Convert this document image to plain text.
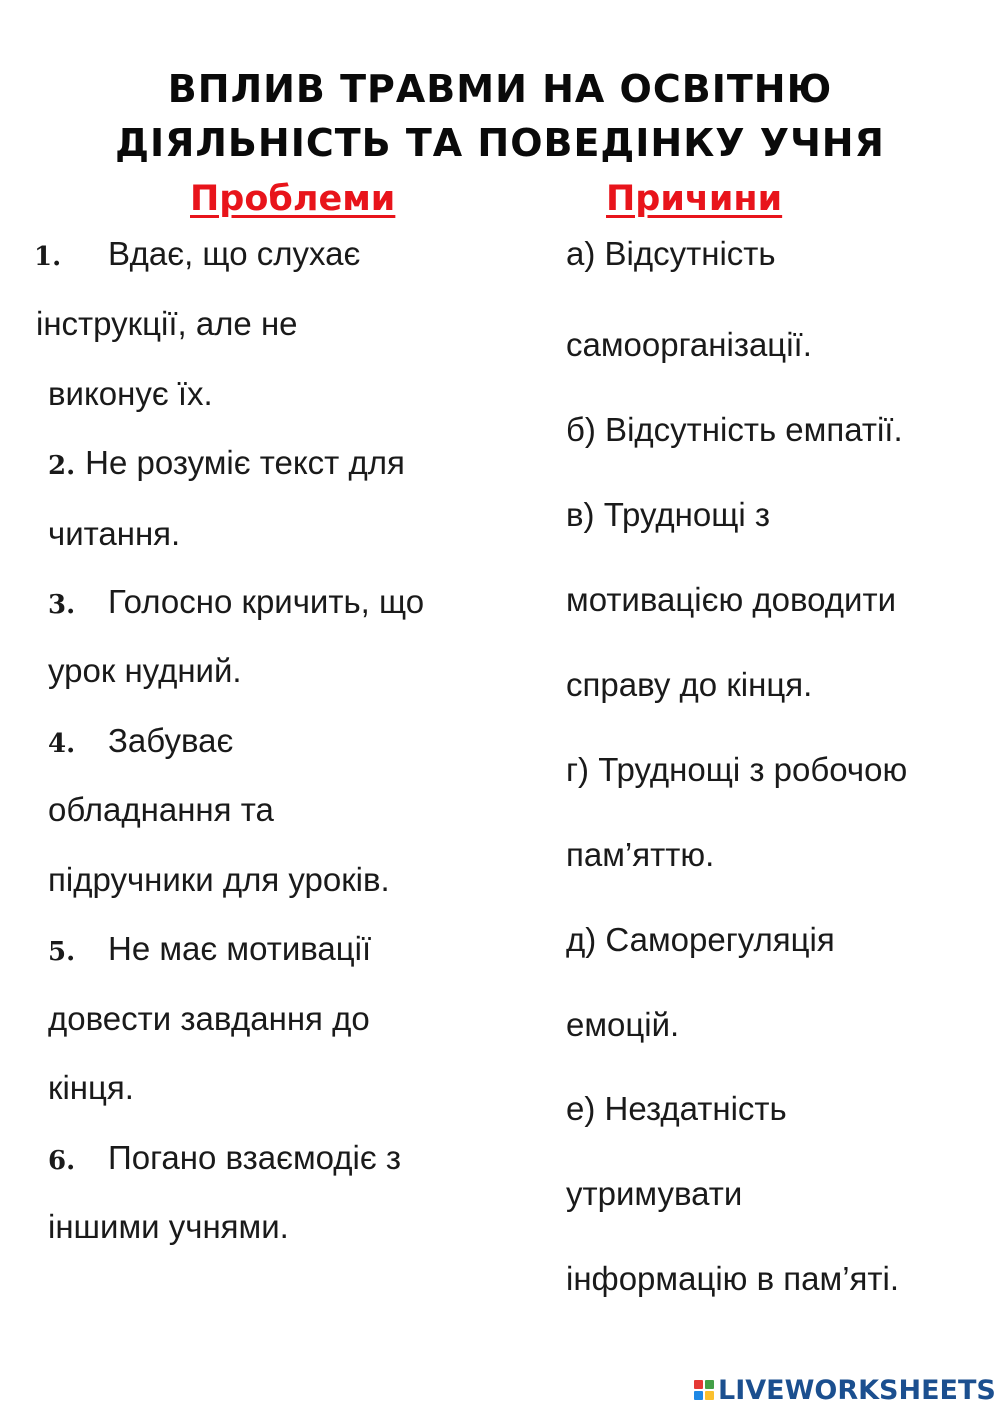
ВПЛИВ ТРАВМИ НА ОСВІТНЮ
ДІЯЛЬНІСТЬ ТА ПОВЕДІНКУ УЧНЯ
Проблеми	Причини
1. Вдає, що слухає
інструкції, але не
виконує їх.
2. Не розуміє текст для
читання.
3. Голосно кричить, що
урок нудний.
4. Забуває
обладнання та
підручники для уроків.
5. Не має мотивації
довести завдання до
кінця.
6. Погано взаємодіє з
іншими учнями.
а) Відсутність
самоорганізації.
б) Відсутність емпатії.
в) Труднощі з
мотивацією доводити
справу до кінця.
г) Труднощі з робочою
пам’яттю.
д) Саморегуляція
емоцій.
е) Нездатність
утримувати
інформацію в пам’яті.
LIVEWORKSHEETS
